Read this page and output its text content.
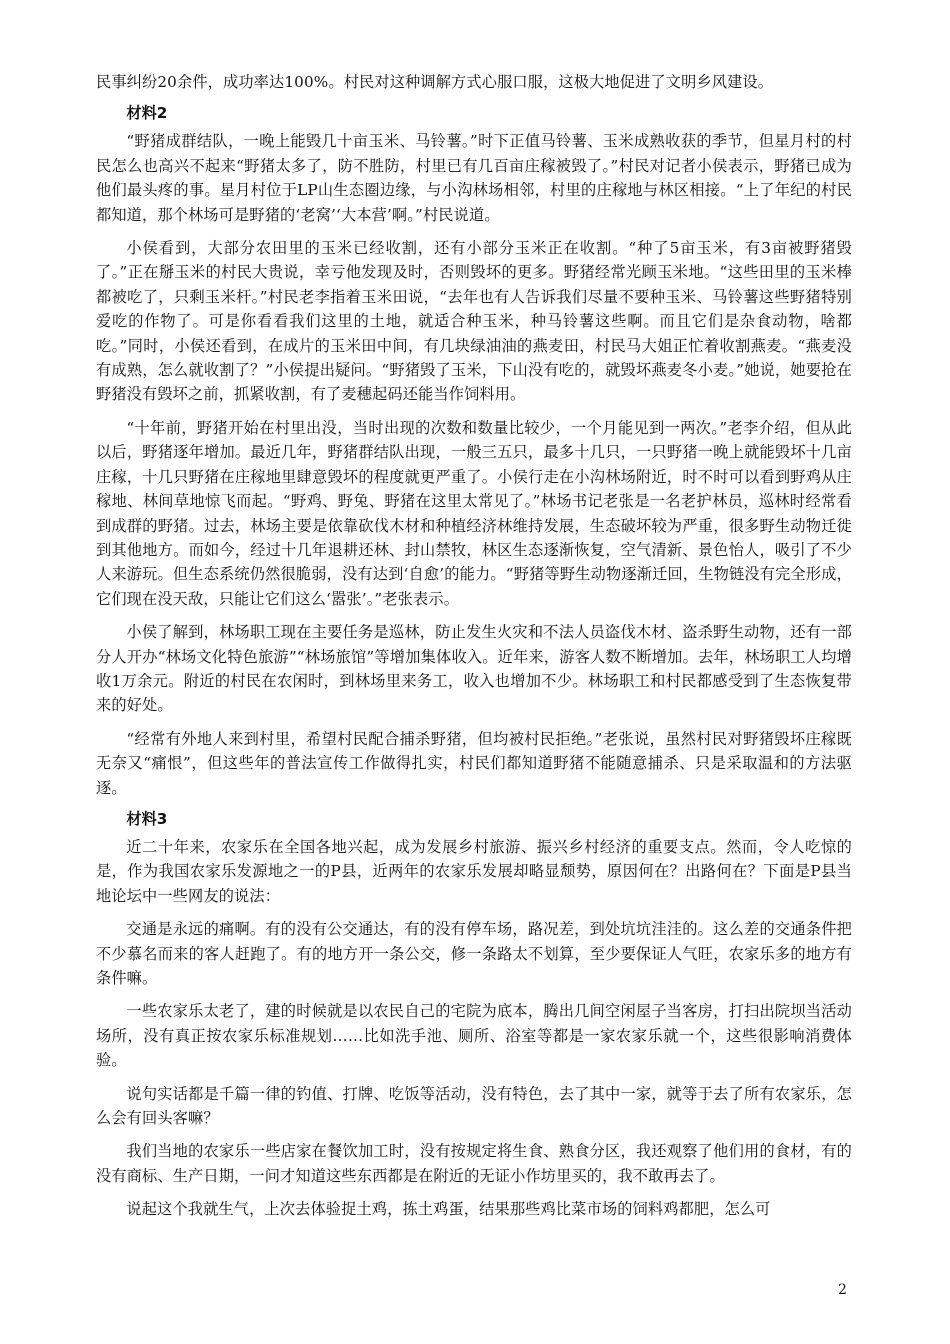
民事纠纷20余件，成功率达100%。村民对这种调解方式心服口服，这极大地促进了文明乡风建设。

材料2

“野猪成群结队，一晚上能毁几十亩玉米、马铃薯。”时下正值马铃薯、玉米成熟收获的季节，但星月村的村民怎么也高兴不起来“野猪太多了，防不胜防，村里已有几百亩庄稼被毁了。”村民对记者小侯表示，野猪已成为他们最头疼的事。星月村位于LP山生态圈边缘，与小沟林场相邻，村里的庄稼地与林区相接。“上了年纪的村民都知道，那个林场可是野猪的‘老窝’‘大本营’啊。”村民说道。

小侯看到，大部分农田里的玉米已经收割，还有小部分玉米正在收割。“种了5亩玉米，有3亩被野猪毁了。”正在掰玉米的村民大贵说，幸亏他发现及时，否则毁坏的更多。野猪经常光顾玉米地。“这些田里的玉米棒都被吃了，只剩玉米杆。”村民老李指着玉米田说，“去年也有人告诉我们尽量不要种玉米、马铃薯这些野猪特别爱吃的作物了。可是你看看我们这里的土地，就适合种玉米，种马铃薯这些啊。而且它们是杂食动物，啥都吃。”同时，小侯还看到，在成片的玉米田中间，有几块绿油油的燕麦田，村民马大姐正忙着收割燕麦。“燕麦没有成熟，怎么就收割了？”小侯提出疑问。“野猪毁了玉米，下山没有吃的，就毁坏燕麦冬小麦。”她说，她要抢在野猪没有毁坏之前，抓紧收割，有了麦穗起码还能当作饲料用。

“十年前，野猪开始在村里出没，当时出现的次数和数量比较少，一个月能见到一两次。”老李介绍，但从此以后，野猪逐年增加。最近几年，野猪群结队出现，一般三五只，最多十几只，一只野猪一晚上就能毁坏十几亩庄稼，十几只野猪在庄稼地里肆意毁坏的程度就更严重了。小侯行走在小沟林场附近，时不时可以看到野鸡从庄稼地、林间草地惊飞而起。“野鸡、野兔、野猪在这里太常见了。”林场书记老张是一名老护林员，巡林时经常看到成群的野猪。过去，林场主要是依靠砍伐木材和种植经济林维持发展，生态破坏较为严重，很多野生动物迁徙到其他地方。而如今，经过十几年退耕还林、封山禁牧，林区生态逐渐恢复，空气清新、景色怡人，吸引了不少人来游玩。但生态系统仍然很脆弱，没有达到‘自愈’的能力。“野猪等野生动物逐渐迁回，生物链没有完全形成，它们现在没天敌，只能让它们这么‘嚣张’。”老张表示。

小侯了解到，林场职工现在主要任务是巡林，防止发生火灾和不法人员盗伐木材、盗杀野生动物，还有一部分人开办“林场文化特色旅游”“林场旅馆”等增加集体收入。近年来，游客人数不断增加。去年，林场职工人均增收1万余元。附近的村民在农闲时，到林场里来务工，收入也增加不少。林场职工和村民都感受到了生态恢复带来的好处。

“经常有外地人来到村里，希望村民配合捕杀野猪，但均被村民拒绝。”老张说，虽然村民对野猪毁坏庄稼既无奈又“痛恨”，但这些年的普法宣传工作做得扎实，村民们都知道野猪不能随意捕杀、只是采取温和的方法驱逐。

材料3

近二十年来，农家乐在全国各地兴起，成为发展乡村旅游、振兴乡村经济的重要支点。然而，令人吃惊的是，作为我国农家乐发源地之一的P县，近两年的农家乐发展却略显颓势，原因何在？出路何在？下面是P县当地论坛中一些网友的说法：

交通是永远的痛啊。有的没有公交通达，有的没有停车场，路况差，到处坑坑洼洼的。这么差的交通条件把不少慕名而来的客人赶跑了。有的地方开一条公交，修一条路太不划算，至少要保证人气旺，农家乐多的地方有条件嘛。

一些农家乐太老了，建的时候就是以农民自己的宅院为底本，腾出几间空闲屋子当客房，打扫出院坝当活动场所，没有真正按农家乐标准规划……比如洗手池、厕所、浴室等都是一家农家乐就一个，这些很影响消费体验。

说句实话都是千篇一律的钓值、打牌、吃饭等活动，没有特色，去了其中一家，就等于去了所有农家乐，怎么会有回头客嘛？

我们当地的农家乐一些店家在餐饮加工时，没有按规定将生食、熟食分区，我还观察了他们用的食材，有的没有商标、生产日期，一问才知道这些东西都是在附近的无证小作坊里买的，我不敢再去了。

说起这个我就生气，上次去体验捉土鸡，拣土鸡蛋，结果那些鸡比菜市场的饲料鸡都肥，怎么可

2
